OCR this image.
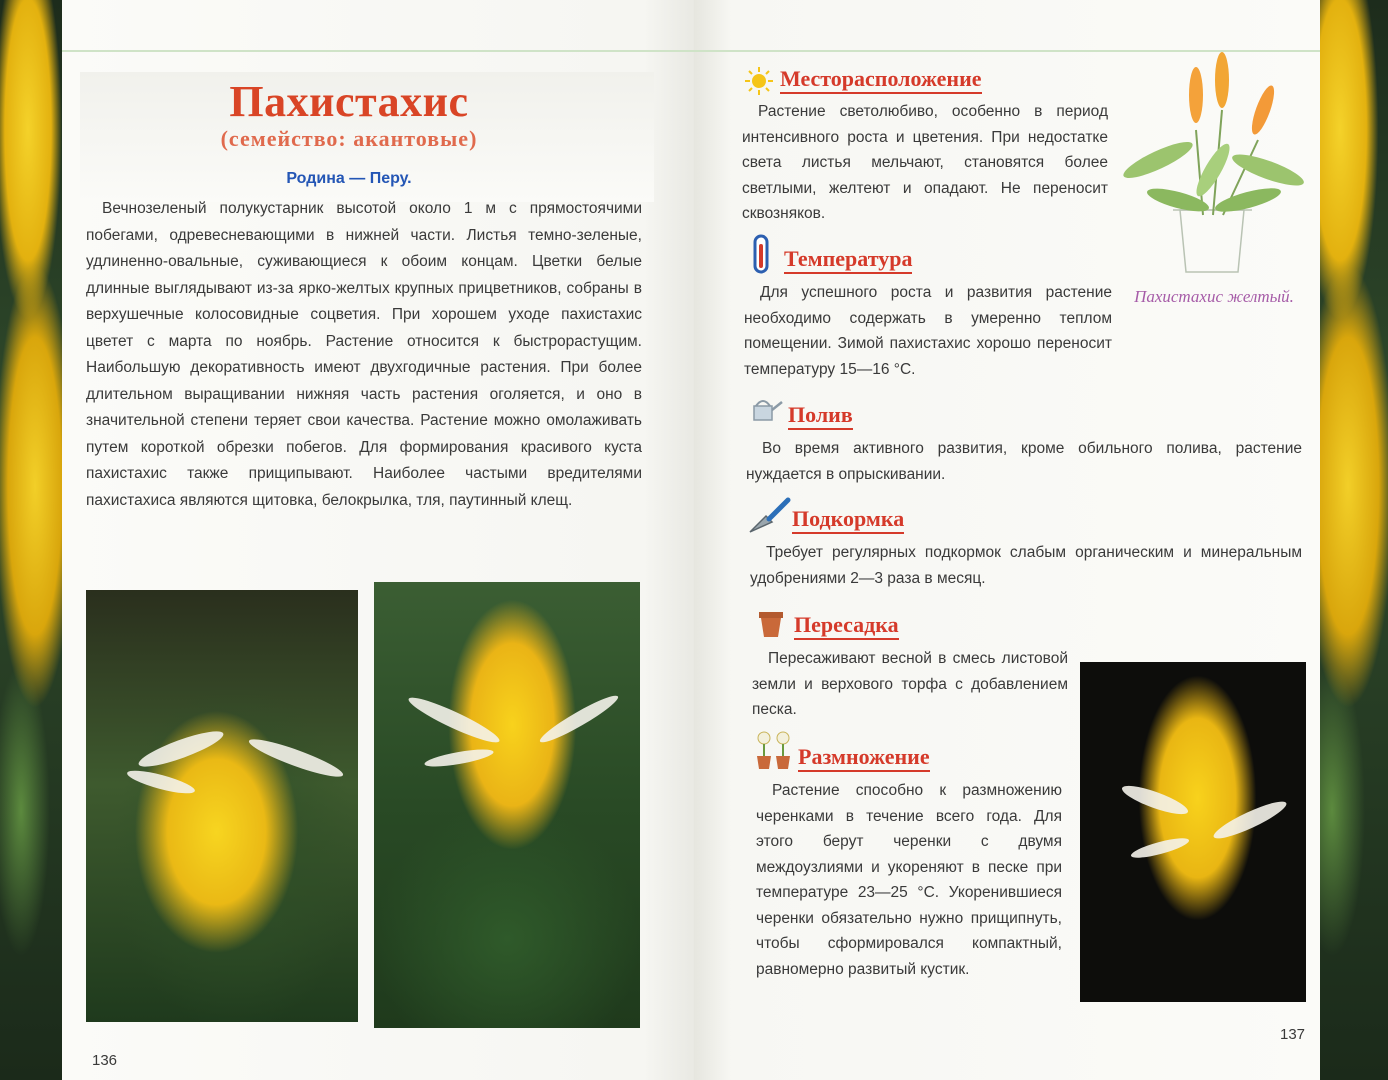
Пахистахис
(семейство: акантовые)
Родина — Перу.
Вечнозеленый полукустарник высотой около 1 м с прямостоячими побегами, одревесневающими в нижней части. Листья темно-зеленые, удлиненно-овальные, суживающиеся к обоим концам. Цветки белые длинные выглядывают из-за ярко-желтых крупных прицветников, собраны в верхушечные колосовидные соцветия. При хорошем уходе пахистахис цветет с марта по ноябрь. Растение относится к быстрорастущим. Наибольшую декоративность имеют двухгодичные растения. При более длительном выращивании нижняя часть растения оголяется, и оно в значительной степени теряет свои качества. Растение можно омолаживать путем короткой обрезки побегов. Для формирования красивого куста пахистахис также прищипывают. Наиболее частыми вредителями пахистахиса являются щитовка, белокрылка, тля, паутинный клещ.
136
Пахистахис желтый.
Месторасположение
Растение светолюбиво, особенно в период интенсивного роста и цветения. При недостатке света листья мельчают, становятся более светлыми, желтеют и опадают. Не переносит сквозняков.
Температура
Для успешного роста и развития растение необходимо содержать в умеренно теплом помещении. Зимой пахистахис хорошо переносит температуру 15—16 °С.
Полив
Во время активного развития, кроме обильного полива, растение нуждается в опрыскивании.
Подкормка
Требует регулярных подкормок слабым органическим и минеральным удобрениями 2—3 раза в месяц.
Пересадка
Пересаживают весной в смесь листовой земли и верхового торфа с добавлением песка.
Размножение
Растение способно к размножению черенками в течение всего года. Для этого берут черенки с двумя междоузлиями и укореняют в песке при температуре 23—25 °С. Укоренившиеся черенки обязательно нужно прищипнуть, чтобы сформировался компактный, равномерно развитый кустик.
137
